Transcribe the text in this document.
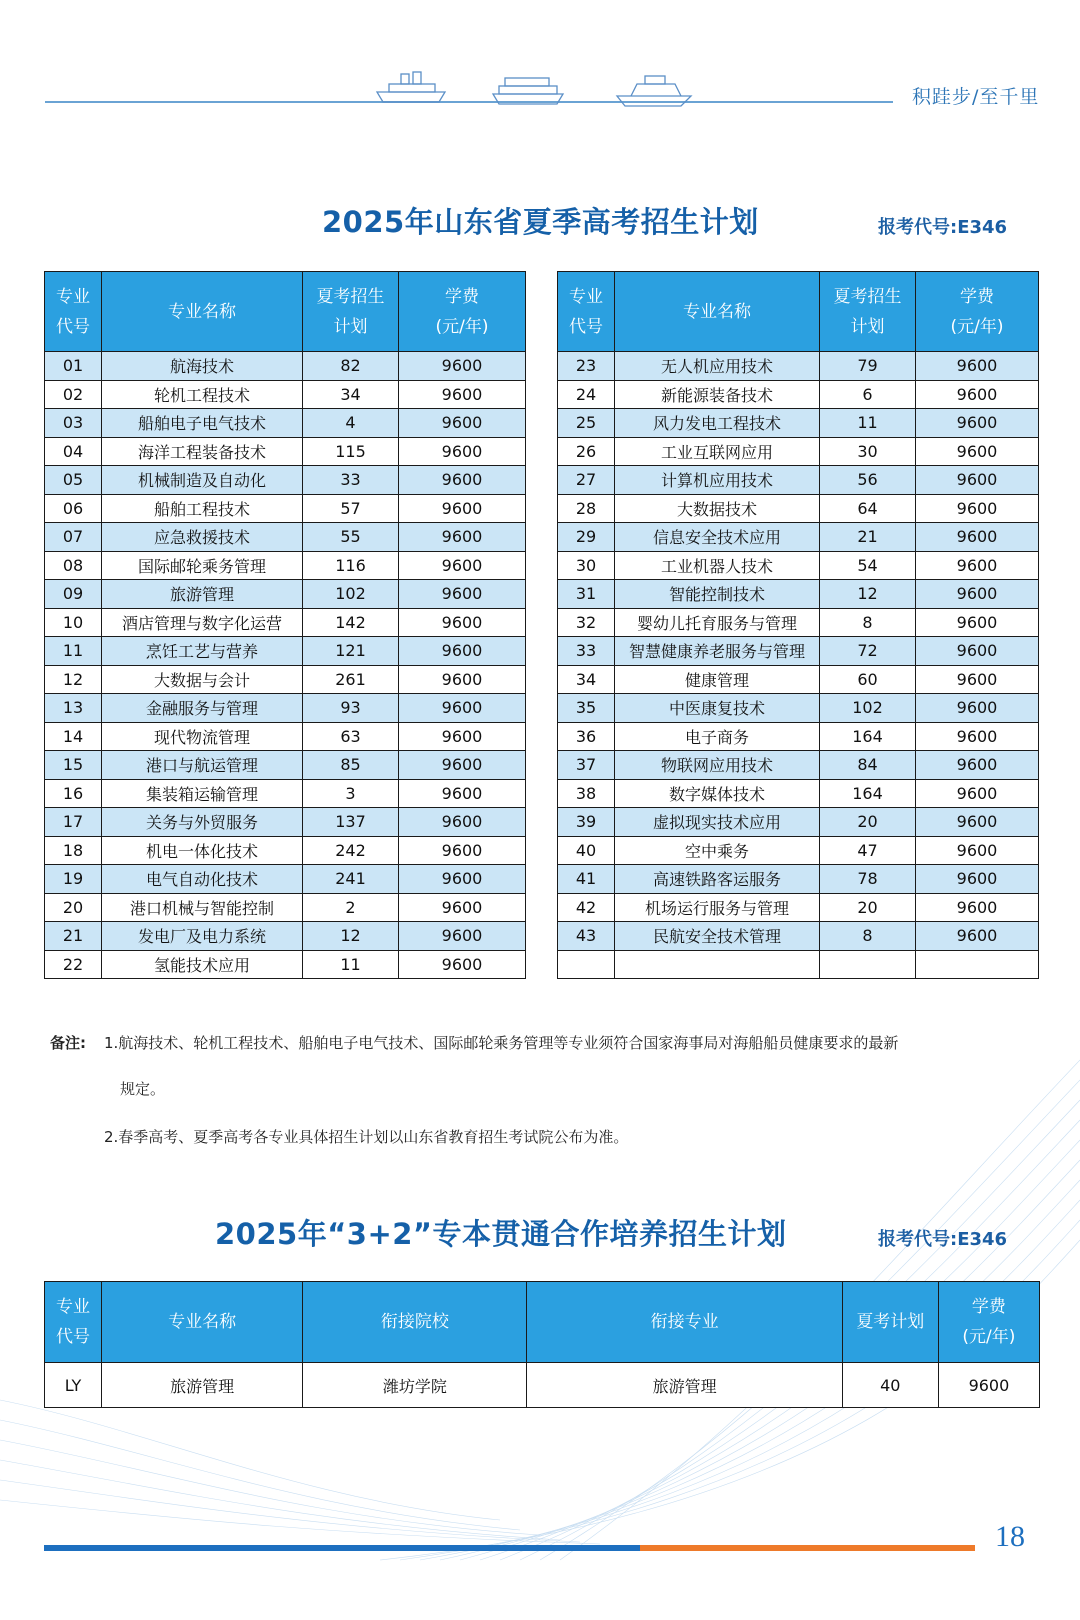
积跬步/至千里
2025年山东省夏季高考招生计划	报考代号:E346
专业
代号	专业名称	夏考招生
计划	学费
(元/年)		专业
代号	专业名称	夏考招生
计划	学费
(元/年)
01	航海技术	82	9600		23	无人机应用技术	79	9600
02	轮机工程技术	34	9600		24	新能源装备技术	6	9600
03	船舶电子电气技术	4	9600		25	风力发电工程技术	11	9600
04	海洋工程装备技术	115	9600		26	工业互联网应用	30	9600
05	机械制造及自动化	33	9600		27	计算机应用技术	56	9600
06	船舶工程技术	57	9600		28	大数据技术	64	9600
07	应急救援技术	55	9600		29	信息安全技术应用	21	9600
08	国际邮轮乘务管理	116	9600		30	工业机器人技术	54	9600
09	旅游管理	102	9600		31	智能控制技术	12	9600
10	酒店管理与数字化运营	142	9600		32	婴幼儿托育服务与管理	8	9600
11	烹饪工艺与营养	121	9600		33	智慧健康养老服务与管理	72	9600
12	大数据与会计	261	9600		34	健康管理	60	9600
13	金融服务与管理	93	9600		35	中医康复技术	102	9600
14	现代物流管理	63	9600		36	电子商务	164	9600
15	港口与航运管理	85	9600		37	物联网应用技术	84	9600
16	集装箱运输管理	3	9600		38	数字媒体技术	164	9600
17	关务与外贸服务	137	9600		39	虚拟现实技术应用	20	9600
18	机电一体化技术	242	9600		40	空中乘务	47	9600
19	电气自动化技术	241	9600		41	高速铁路客运服务	78	9600
20	港口机械与智能控制	2	9600		42	机场运行服务与管理	20	9600
21	发电厂及电力系统	12	9600		43	民航安全技术管理	8	9600
22	氢能技术应用	11	9600					
备注: 1.航海技术、轮机工程技术、船舶电子电气技术、国际邮轮乘务管理等专业须符合国家海事局对海船船员健康要求的最新
规定。
2.春季高考、夏季高考各专业具体招生计划以山东省教育招生考试院公布为准。
2025年“3+2”专本贯通合作培养招生计划	报考代号:E346
专业
代号	专业名称	衔接院校	衔接专业	夏考计划	学费
(元/年)
LY	旅游管理	潍坊学院	旅游管理	40	9600
18
